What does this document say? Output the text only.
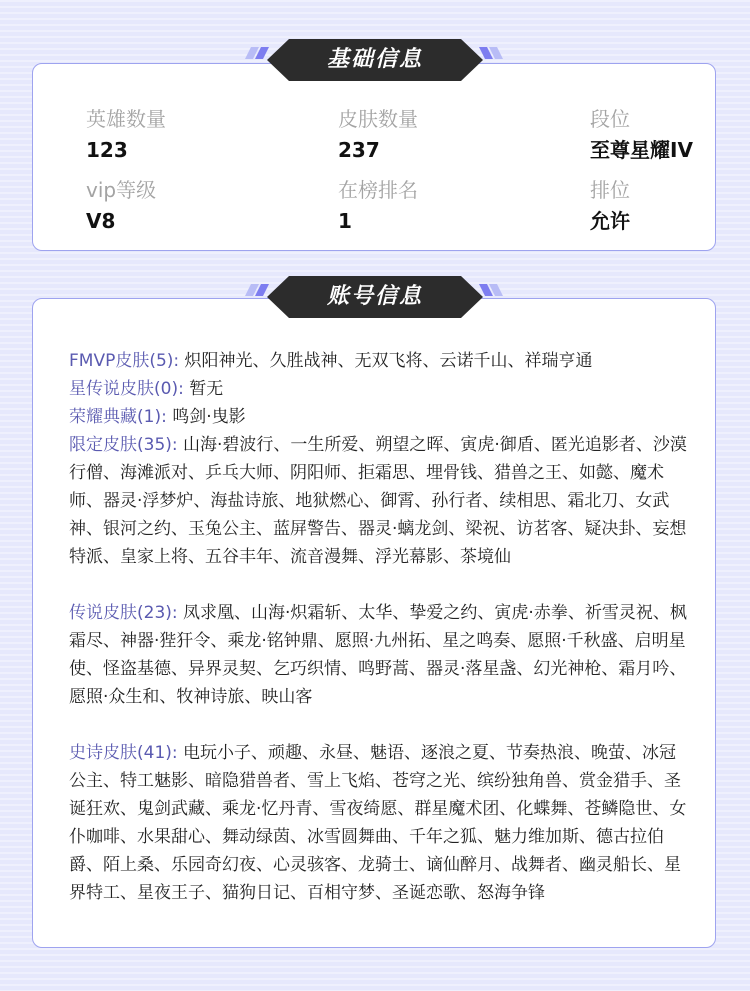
英雄数量
123
皮肤数量
237
段位
至尊星耀IV
vip等级
V8
在榜排名
1
排位
允许
基础信息

FMVP皮肤(5): 炽阳神光、久胜战神、无双飞将、云诺千山、祥瑞亨通

星传说皮肤(0): 暂无

荣耀典藏(1): 鸣剑·曳影

限定皮肤(35): 山海·碧波行、一生所爱、朔望之晖、寅虎·御盾、匿光追影者、沙漠行僧、海滩派对、乒乓大师、阴阳师、拒霜思、埋骨钱、猎兽之王、如懿、魔术师、器灵·浮梦炉、海盐诗旅、地狱燃心、御霄、孙行者、续相思、霜北刀、女武神、银河之约、玉兔公主、蓝屏警告、器灵·螭龙剑、梁祝、访茗客、疑决卦、妄想特派、皇家上将、五谷丰年、流音漫舞、浮光幕影、茶境仙

传说皮肤(23): 凤求凰、山海·炽霜斩、太华、挚爱之约、寅虎·赤拳、祈雪灵祝、枫霜尽、神器·狴犴令、乘龙·铭钟鼎、愿照·九州拓、星之鸣奏、愿照·千秋盛、启明星使、怪盗基德、异界灵契、乞巧织情、鸣野蒿、器灵·落星盏、幻光神枪、霜月吟、愿照·众生和、牧神诗旅、映山客

史诗皮肤(41): 电玩小子、顽趣、永昼、魅语、逐浪之夏、节奏热浪、晚萤、冰冠公主、特工魅影、暗隐猎兽者、雪上飞焰、苍穹之光、缤纷独角兽、赏金猎手、圣诞狂欢、鬼剑武藏、乘龙·忆丹青、雪夜绮愿、群星魔术团、化蝶舞、苍鳞隐世、女仆咖啡、水果甜心、舞动绿茵、冰雪圆舞曲、千年之狐、魅力维加斯、德古拉伯爵、陌上桑、乐园奇幻夜、心灵骇客、龙骑士、谪仙醉月、战舞者、幽灵船长、星界特工、星夜王子、猫狗日记、百相守梦、圣诞恋歌、怒海争锋

账号信息
